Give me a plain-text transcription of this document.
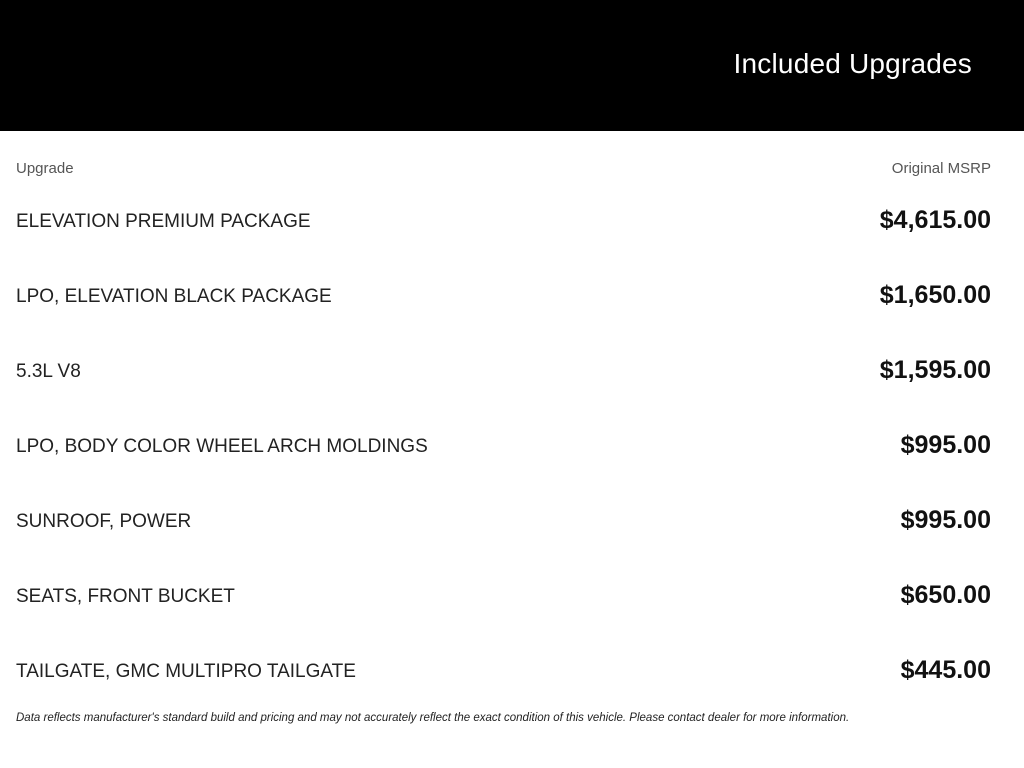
Included Upgrades
Upgrade	Original MSRP
ELEVATION PREMIUM PACKAGE	$4,615.00
LPO, ELEVATION BLACK PACKAGE	$1,650.00
5.3L V8	$1,595.00
LPO, BODY COLOR WHEEL ARCH MOLDINGS	$995.00
SUNROOF, POWER	$995.00
SEATS, FRONT BUCKET	$650.00
TAILGATE, GMC MULTIPRO TAILGATE	$445.00
Data reflects manufacturer's standard build and pricing and may not accurately reflect the exact condition of this vehicle. Please contact dealer for more information.
